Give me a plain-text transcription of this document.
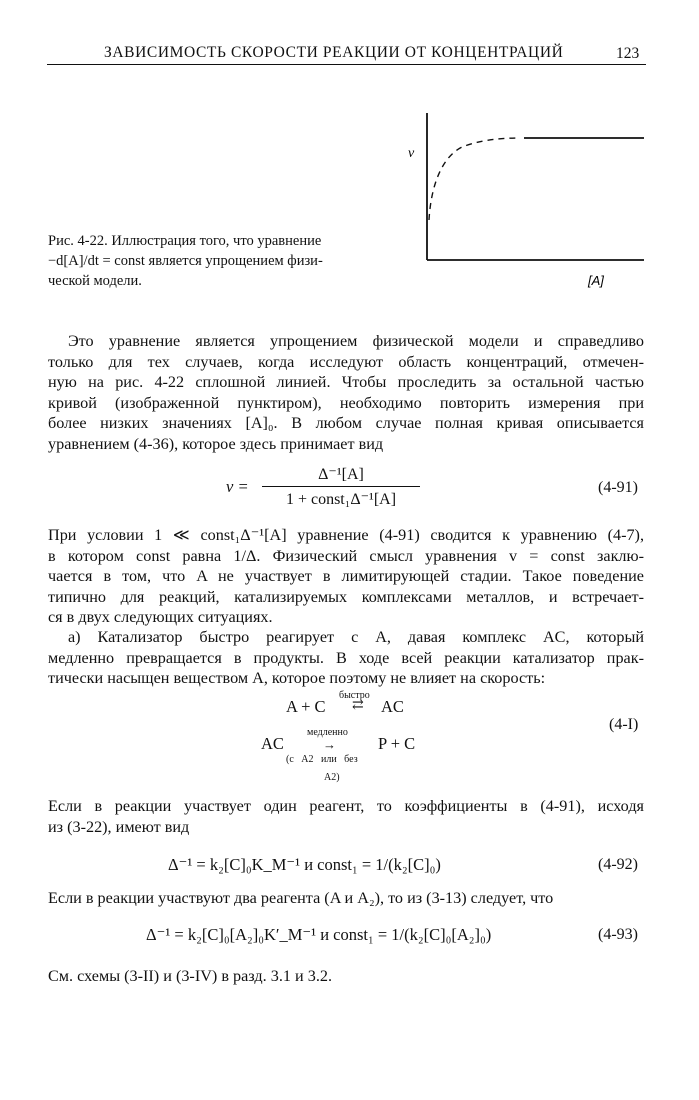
ЗАВИСИМОСТЬ СКОРОСТИ РЕАКЦИИ ОТ КОНЦЕНТРАЦИЙ	123
v
[A]
Рис. 4-22. Иллюстрация того, что уравнение
−d[A]/dt = const является упрощением физи-
ческой модели.
Это уравнение является упрощением физической модели и справедливо
только для тех случаев, когда исследуют область концентраций, отмечен-
ную на рис. 4-22 сплошной линией. Чтобы проследить за остальной частью
кривой (изображенной пунктиром), необходимо повторить измерения при
более низких значениях [A]₀. В любом случае полная кривая описывается
уравнением (4-36), которое здесь принимает вид
v =
Δ⁻¹[A]
1 + const₁Δ⁻¹[A]
(4-91)
При условии 1 ≪ const₁Δ⁻¹[A] уравнение (4-91) сводится к уравнению (4-7),
в котором const равна 1/Δ. Физический смысл уравнения v = const заклю-
чается в том, что A не участвует в лимитирующей стадии. Такое поведение
типично для реакций, катализируемых комплексами металлов, и встречает-
ся в двух следующих ситуациях.
а) Катализатор быстро реагирует с A, давая комплекс AC, который
медленно превращается в продукты. В ходе всей реакции катализатор прак-
тически насыщен веществом A, которое поэтому не влияет на скорость:
A + C
быстро
⇄ AC
AC
медленно
→	P + C
(с   A2   или   без
A2)
(4-I)
Если в реакции участвует один реагент, то коэффициенты в (4-91), исходя
из (3-22), имеют вид
Δ⁻¹ = k₂[C]₀K_M⁻¹ и const₁ = 1/(k₂[C]₀)	(4-92)
Если в реакции участвуют два реагента (A и A₂), то из (3-13) следует, что
Δ⁻¹ = k₂[C]₀[A₂]₀K′_M⁻¹ и const₁ = 1/(k₂[C]₀[A₂]₀)	(4-93)
См. схемы (3-II) и (3-IV) в разд. 3.1 и 3.2.
